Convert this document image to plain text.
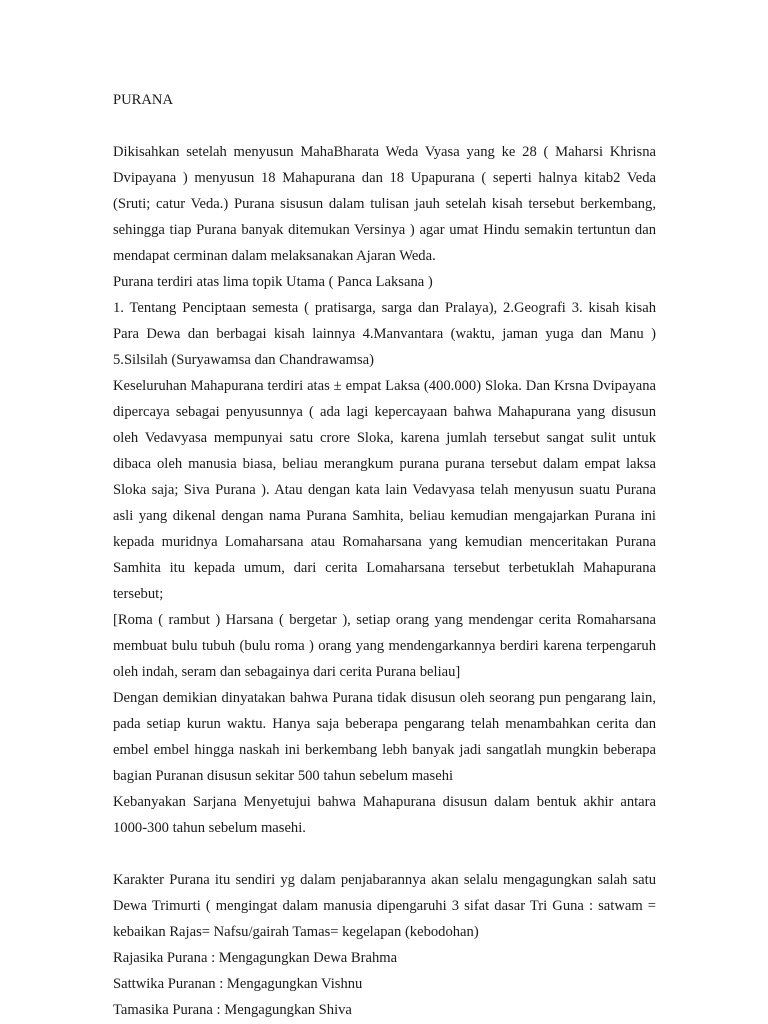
PURANA

Dikisahkan setelah menyusun MahaBharata Weda Vyasa yang ke 28 ( Maharsi Khrisna Dvipayana ) menyusun 18 Mahapurana dan 18 Upapurana ( seperti halnya kitab2 Veda (Sruti; catur Veda.) Purana sisusun dalam tulisan jauh setelah kisah tersebut berkembang, sehingga tiap Purana banyak ditemukan Versinya ) agar umat Hindu semakin tertuntun dan mendapat cerminan dalam melaksanakan Ajaran Weda.

Purana terdiri atas lima topik Utama ( Panca Laksana )

1. Tentang Penciptaan semesta ( pratisarga, sarga dan Pralaya), 2.Geografi 3. kisah kisah Para Dewa dan berbagai kisah lainnya 4.Manvantara (waktu, jaman yuga dan Manu ) 5.Silsilah (Suryawamsa dan Chandrawamsa)

Keseluruhan Mahapurana terdiri atas ± empat Laksa (400.000) Sloka. Dan Krsna Dvipayana dipercaya sebagai penyusunnya ( ada lagi kepercayaan bahwa Mahapurana yang disusun oleh Vedavyasa mempunyai satu crore Sloka, karena jumlah tersebut sangat sulit untuk dibaca oleh manusia biasa, beliau merangkum purana purana tersebut dalam empat laksa Sloka saja; Siva Purana ). Atau dengan kata lain Vedavyasa telah menyusun suatu Purana asli yang dikenal dengan nama Purana Samhita, beliau kemudian mengajarkan Purana ini kepada muridnya Lomaharsana atau Romaharsana yang kemudian menceritakan Purana Samhita itu kepada umum, dari cerita Lomaharsana tersebut terbetuklah Mahapurana tersebut;

[Roma ( rambut ) Harsana ( bergetar ), setiap orang yang mendengar cerita Romaharsana membuat bulu tubuh (bulu roma ) orang yang mendengarkannya berdiri karena terpengaruh oleh indah, seram dan sebagainya dari cerita Purana beliau]

Dengan demikian dinyatakan bahwa Purana tidak disusun oleh seorang pun pengarang lain, pada setiap kurun waktu. Hanya saja beberapa pengarang telah menambahkan cerita dan embel embel hingga naskah ini berkembang lebh banyak jadi sangatlah mungkin beberapa bagian Puranan disusun sekitar 500 tahun sebelum masehi

Kebanyakan Sarjana Menyetujui bahwa Mahapurana disusun dalam bentuk akhir antara 1000-300 tahun sebelum masehi.

Karakter Purana itu sendiri yg dalam penjabarannya akan selalu mengagungkan salah satu Dewa Trimurti ( mengingat dalam manusia dipengaruhi 3 sifat dasar Tri Guna : satwam = kebaikan Rajas= Nafsu/gairah Tamas= kegelapan (kebodohan)

Rajasika Purana : Mengagungkan Dewa Brahma

Sattwika Puranan : Mengagungkan Vishnu

Tamasika Purana : Mengagungkan Shiva
